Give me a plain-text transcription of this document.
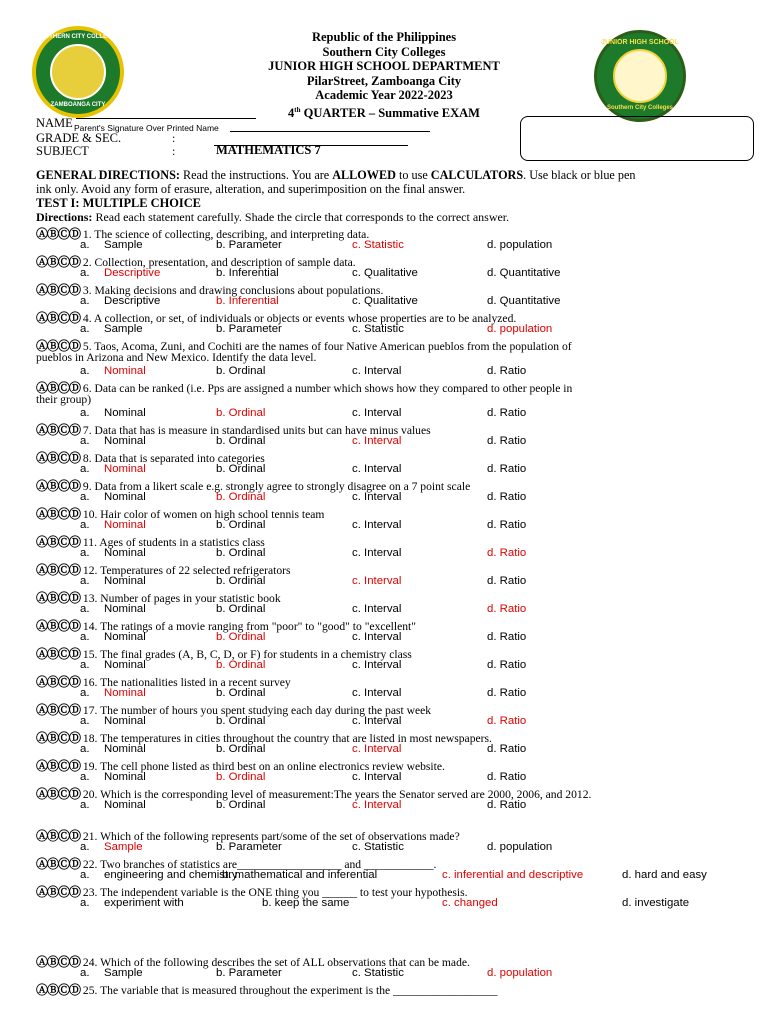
SOUTHERN CITY COLLEGES
ZAMBOANGA CITY
JUNIOR HIGH SCHOOL
Southern City Colleges
Republic of the Philippines
Southern City Colleges
JUNIOR HIGH SCHOOL DEPARTMENT
PilarStreet, Zamboanga City
Academic Year 2022-2023
4th QUARTER – Summative EXAM
NAME Parent's Signature Over Printed Name
GRADE & SEC.	:
SUBJECT	:	MATHEMATICS 7
GENERAL DIRECTIONS: Read the instructions. You are ALLOWED to use CALCULATORS. Use black or blue pen
ink only. Avoid any form of erasure, alteration, and superimposition on the final answer.
TEST I: MULTIPLE CHOICE
Directions: Read each statement carefully. Shade the circle that corresponds to the correct answer.
ⒶⒷⒸⒹ 1. The science of collecting, describing, and interpreting data.
a. Sample	b. Parameter	c. Statistic	d. population
ⒶⒷⒸⒹ 2. Collection, presentation, and description of sample data.
a. Descriptive	b. Inferential	c. Qualitative	d. Quantitative
ⒶⒷⒸⒹ 3. Making decisions and drawing conclusions about populations.
a. Descriptive	b. Inferential	c. Qualitative	d. Quantitative
ⒶⒷⒸⒹ 4. A collection, or set, of individuals or objects or events whose properties are to be analyzed.
a. Sample	b. Parameter	c. Statistic	d. population
ⒶⒷⒸⒹ 5. Taos, Acoma, Zuni, and Cochiti are the names of four Native American pueblos from the population of
pueblos in Arizona and New Mexico. Identify the data level.
a. Nominal	b. Ordinal	c. Interval	d. Ratio
ⒶⒷⒸⒹ 6. Data can be ranked (i.e. Pps are assigned a number which shows how they compared to other people in
their group)
a. Nominal	b. Ordinal	c. Interval	d. Ratio
ⒶⒷⒸⒹ 7. Data that has is measure in standardised units but can have minus values
a. Nominal	b. Ordinal	c. Interval	d. Ratio
ⒶⒷⒸⒹ 8. Data that is separated into categories
a. Nominal	b. Ordinal	c. Interval	d. Ratio
ⒶⒷⒸⒹ 9. Data from a likert scale e.g. strongly agree to strongly disagree on a 7 point scale
a. Nominal	b. Ordinal	c. Interval	d. Ratio
ⒶⒷⒸⒹ 10. Hair color of women on high school tennis team
a. Nominal	b. Ordinal	c. Interval	d. Ratio
ⒶⒷⒸⒹ 11. Ages of students in a statistics class
a. Nominal	b. Ordinal	c. Interval	d. Ratio
ⒶⒷⒸⒹ 12. Temperatures of 22 selected refrigerators
a. Nominal	b. Ordinal	c. Interval	d. Ratio
ⒶⒷⒸⒹ 13. Number of pages in your statistic book
a. Nominal	b. Ordinal	c. Interval	d. Ratio
ⒶⒷⒸⒹ 14. The ratings of a movie ranging from "poor" to "good" to "excellent"
a. Nominal	b. Ordinal	c. Interval	d. Ratio
ⒶⒷⒸⒹ 15. The final grades (A, B, C, D, or F) for students in a chemistry class
a. Nominal	b. Ordinal	c. Interval	d. Ratio
ⒶⒷⒸⒹ 16. The nationalities listed in a recent survey
a. Nominal	b. Ordinal	c. Interval	d. Ratio
ⒶⒷⒸⒹ 17. The number of hours you spent studying each day during the past week
a. Nominal	b. Ordinal	c. Interval	d. Ratio
ⒶⒷⒸⒹ 18. The temperatures in cities throughout the country that are listed in most newspapers.
a. Nominal	b. Ordinal	c. Interval	d. Ratio
ⒶⒷⒸⒹ 19. The cell phone listed as third best on an online electronics review website.
a. Nominal	b. Ordinal	c. Interval	d. Ratio
ⒶⒷⒸⒹ 20. Which is the corresponding level of measurement:The years the Senator served are 2000, 2006, and 2012.
a. Nominal	b. Ordinal	c. Interval	d. Ratio
ⒶⒷⒸⒹ 21. Which of the following represents part/some of the set of observations made?
a. Sample	b. Parameter	c. Statistic	d. population
ⒶⒷⒸⒹ 22. Two branches of statistics are__________________ and ____________.
a. engineering and chemistry
b. mathematical and inferential	c. inferential and descriptive	d. hard and easy
ⒶⒷⒸⒹ 23. The independent variable is the ONE thing you ______ to test your hypothesis.
a. experiment with	b. keep the same	c. changed	d. investigate
ⒶⒷⒸⒹ 24. Which of the following describes the set of ALL observations that can be made.
a. Sample	b. Parameter	c. Statistic	d. population
ⒶⒷⒸⒹ 25. The variable that is measured throughout the experiment is the __________________
